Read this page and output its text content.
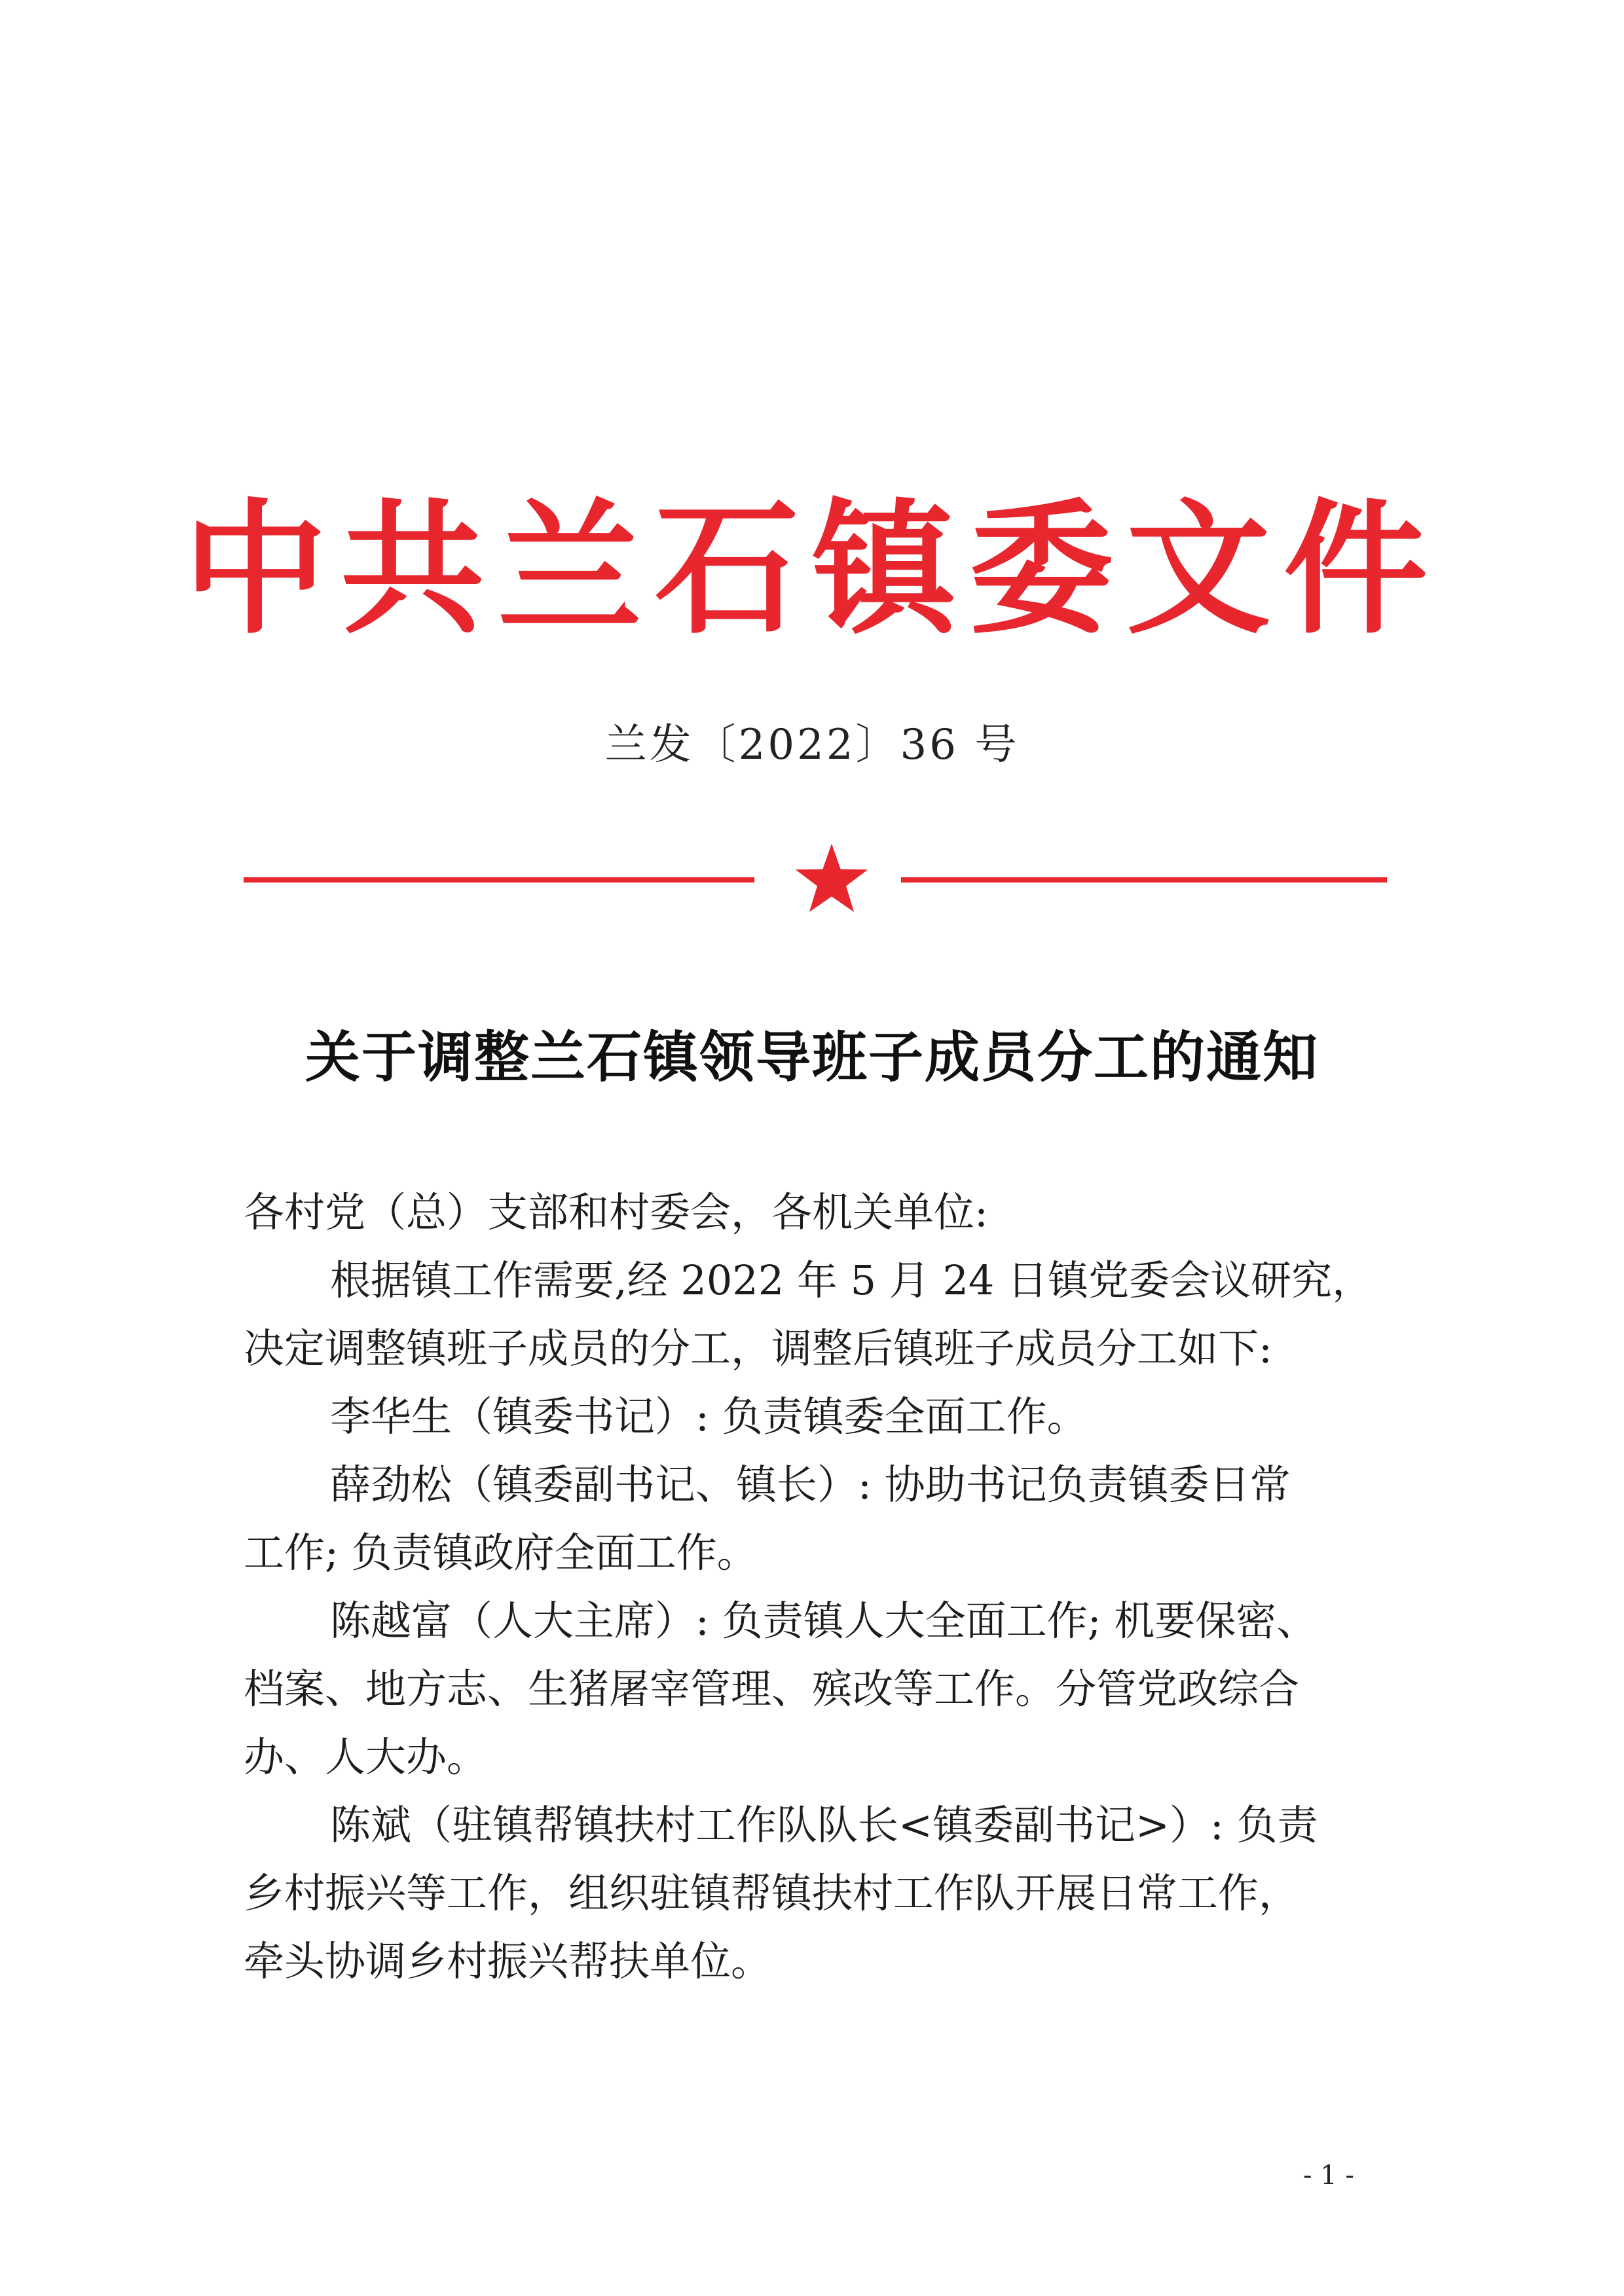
中共兰石镇委文件
兰发〔2022〕36 号
关于调整兰石镇领导班子成员分工的通知
各村党（总）支部和村委会，各机关单位:
根据镇工作需要,经 2022 年 5 月 24 日镇党委会议研究，
决定调整镇班子成员的分工，调整后镇班子成员分工如下:
李华生（镇委书记）: 负责镇委全面工作。
薛劲松（镇委副书记、镇长）: 协助书记负责镇委日常
工作; 负责镇政府全面工作。
陈越富（人大主席）: 负责镇人大全面工作; 机要保密、
档案、地方志、生猪屠宰管理、殡改等工作。分管党政综合
办、人大办。
陈斌（驻镇帮镇扶村工作队队长<镇委副书记>）: 负责
乡村振兴等工作，组织驻镇帮镇扶村工作队开展日常工作，
牵头协调乡村振兴帮扶单位。
- 1 -
